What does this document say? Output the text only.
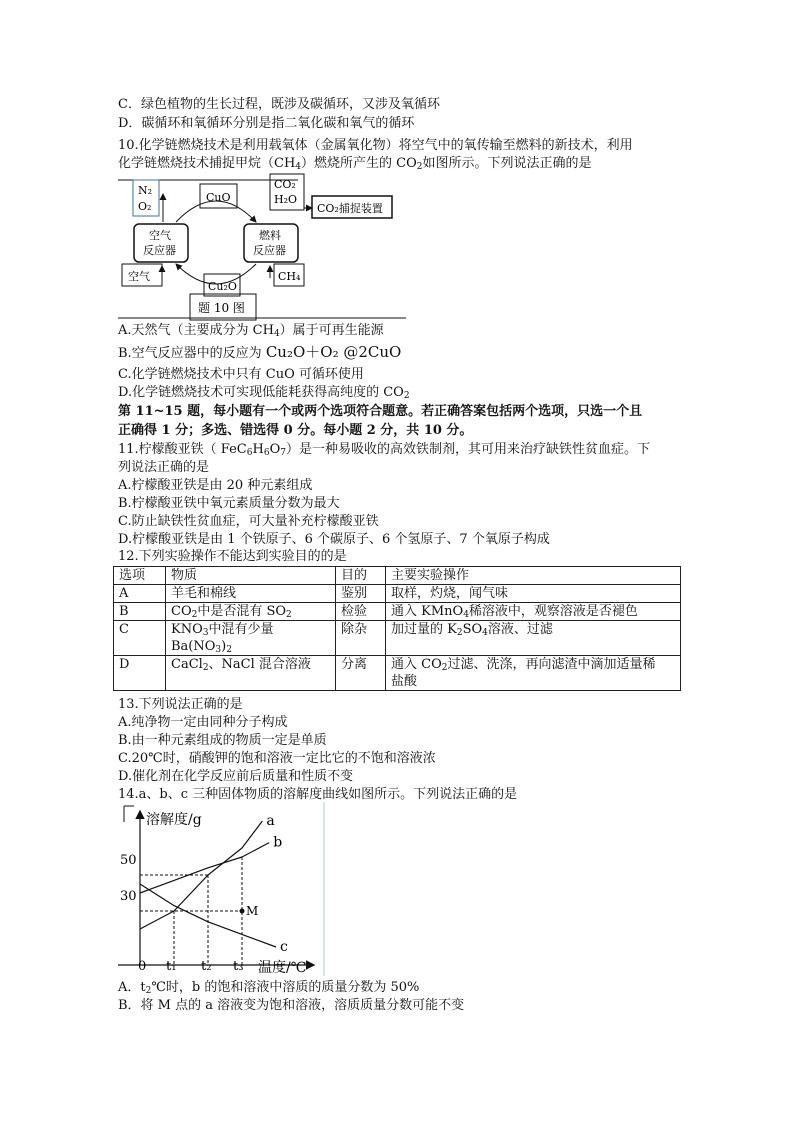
C．绿色植物的生长过程，既涉及碳循环，又涉及氧循环
D．碳循环和氧循环分别是指二氧化碳和氧气的循环
10.化学链燃烧技术是利用载氧体（金属氧化物）将空气中的氧传输至燃料的新技术，利用
化学链燃烧技术捕捉甲烷$(CH_4)$燃烧所产生的 $CO_2$如图所示。下列说法正确的是
N₂
O₂
CuO
空气
反应器
燃料
反应器
CO₂
H₂O
CO₂捕捉装置
空气
Cu₂O
CH₄
题 10 图
A.天然气（主要成分为 $CH_4$）属于可再生能源
B.空气反应器中的反应为 Cu₂O＋O₂ @2CuO
C.化学链燃烧技术中只有 CuO 可循环使用
D.化学链燃烧技术可实现低能耗获得高纯度的 $CO_2$
第 11~15 题，每小题有一个或两个选项符合题意。若正确答案包括两个选项，只选一个且
正确得 1 分；多选、错选得 0 分。每小题 2 分，共 10 分。
11.柠檬酸亚铁（ $FeC_6H_6O_7$）是一种易吸收的高效铁制剂，其可用来治疗缺铁性贫血症。下
列说法正确的是
A.柠檬酸亚铁是由 20 种元素组成
B.柠檬酸亚铁中氧元素质量分数为最大
C.防止缺铁性贫血症，可大量补充柠檬酸亚铁
D.柠檬酸亚铁是由 1 个铁原子、6 个碳原子、6 个氢原子、7 个氧原子构成
12.下列实验操作不能达到实验目的的是
选项	物质	目的	主要实验操作
A	羊毛和棉线	鉴别	取样，灼烧，闻气味
B	$CO_2$中是否混有 $SO_2$	检验	通入 KMnO$_4$稀溶液中，观察溶液是否褪色
C	$KNO_3$中混有少量
$Ba(NO_3)_2$	除杂	加过量的 $K_2SO_4$溶液、过滤
D	CaCl$_2$、NaCl 混合溶液	分离	通入 $CO_2$过滤、洗涤，再向滤渣中滴加适量稀
盐酸
13.下列说法正确的是
A.纯净物一定由同种分子构成
B.由一种元素组成的物质一定是单质
C.20℃时，硝酸钾的饱和溶液一定比它的不饱和溶液浓
D.催化剂在化学反应前后质量和性质不变
14.a、b、c 三种固体物质的溶解度曲线如图所示。下列说法正确的是
溶解度/g
温度/℃
50
30
0 t₁ t₂ t₃
M
a
b
c
A．$t_2℃$时，b 的饱和溶液中溶质的质量分数为 50%
B．将 M 点的 a 溶液变为饱和溶液，溶质质量分数可能不变
